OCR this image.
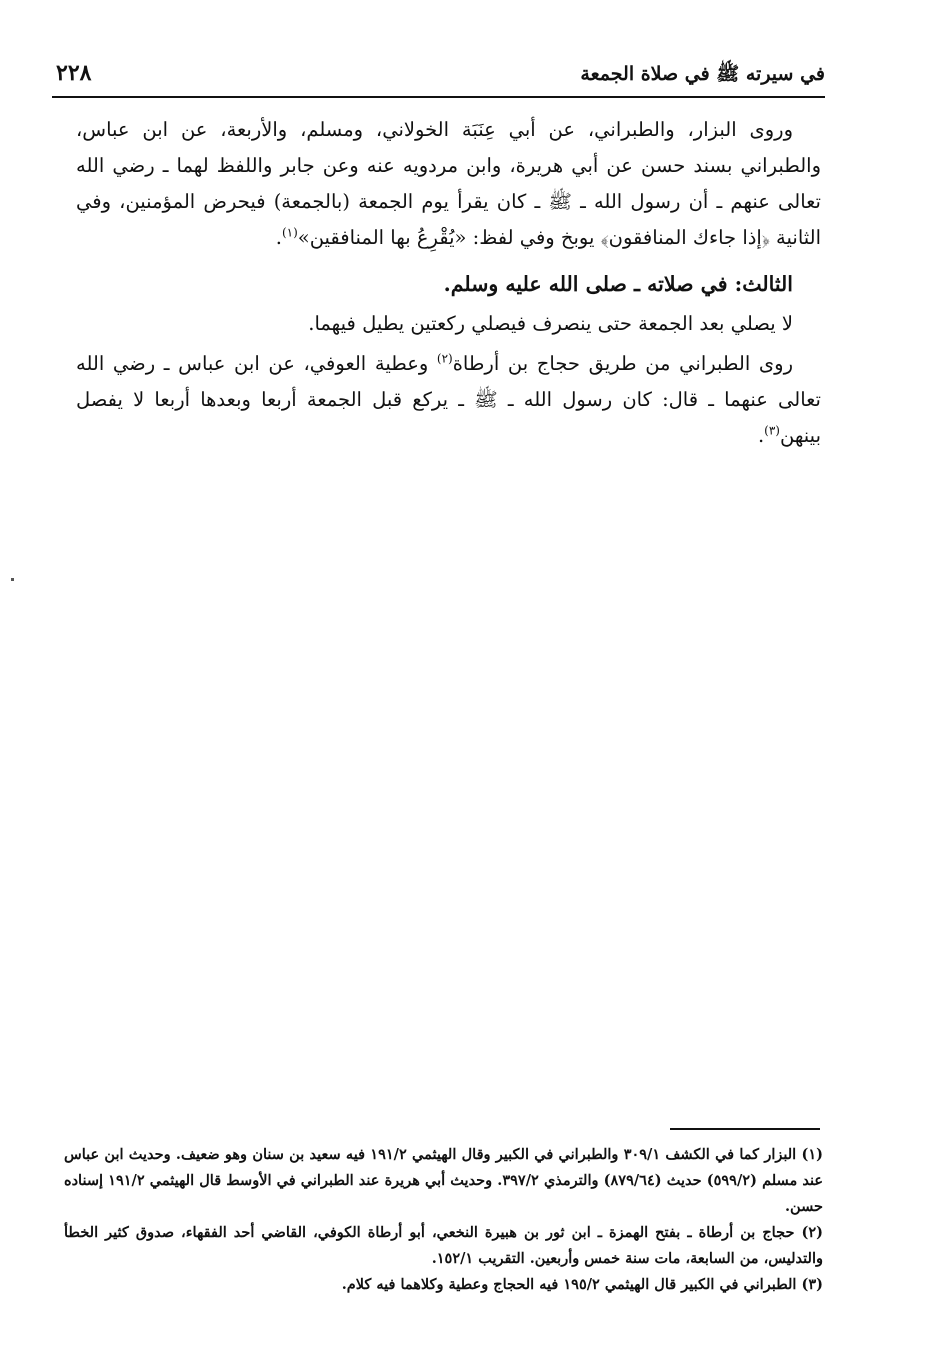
في سيرته ﷺ في صلاة الجمعة
٢٢٨

وروى البزار، والطبراني، عن أبي عِنَبَة الخولاني، ومسلم، والأربعة، عن ابن عباس، والطبراني بسند حسن عن أبي هريرة، وابن مردويه عنه وعن جابر واللفظ لهما ـ رضي الله تعالى عنهم ـ أن رسول الله ـ ﷺ ـ كان يقرأ يوم الجمعة (بالجمعة) فيحرض المؤمنين، وفي الثانية ﴿إذا جاءك المنافقون﴾ يوبخ وفي لفظ: «يُقْرِعُ بها المنافقين»$^{(١)}$.

الثالث: في صلاته ـ صلى الله عليه وسلم.

لا يصلي بعد الجمعة حتى ينصرف فيصلي ركعتين يطيل فيهما.

روى الطبراني من طريق حجاج بن أرطاة$^{(٢)}$ وعطية العوفي، عن ابن عباس ـ رضي الله تعالى عنهما ـ قال: كان رسول الله ـ ﷺ ـ يركع قبل الجمعة أربعا وبعدها أربعا لا يفصل بينهن$^{(٣)}$.

(١) البزار كما في الكشف ٣٠٩/١ والطبراني في الكبير وقال الهيثمي ١٩١/٢ فيه سعيد بن سنان وهو ضعيف. وحديث ابن عباس عند مسلم (٥٩٩/٢) حديث (٨٧٩/٦٤) والترمذي ٣٩٧/٢. وحديث أبي هريرة عند الطبراني في الأوسط قال الهيثمي ١٩١/٢ إسناده حسن.

(٢) حجاج بن أرطاة ـ بفتح الهمزة ـ ابن ثور بن هبيرة النخعي، أبو أرطاة الكوفي، القاضي أحد الفقهاء، صدوق كثير الخطأ والتدليس، من السابعة، مات سنة خمس وأربعين. التقريب ١٥٢/١.

(٣) الطبراني في الكبير قال الهيثمي ١٩٥/٢ فيه الحجاج وعطية وكلاهما فيه كلام.
